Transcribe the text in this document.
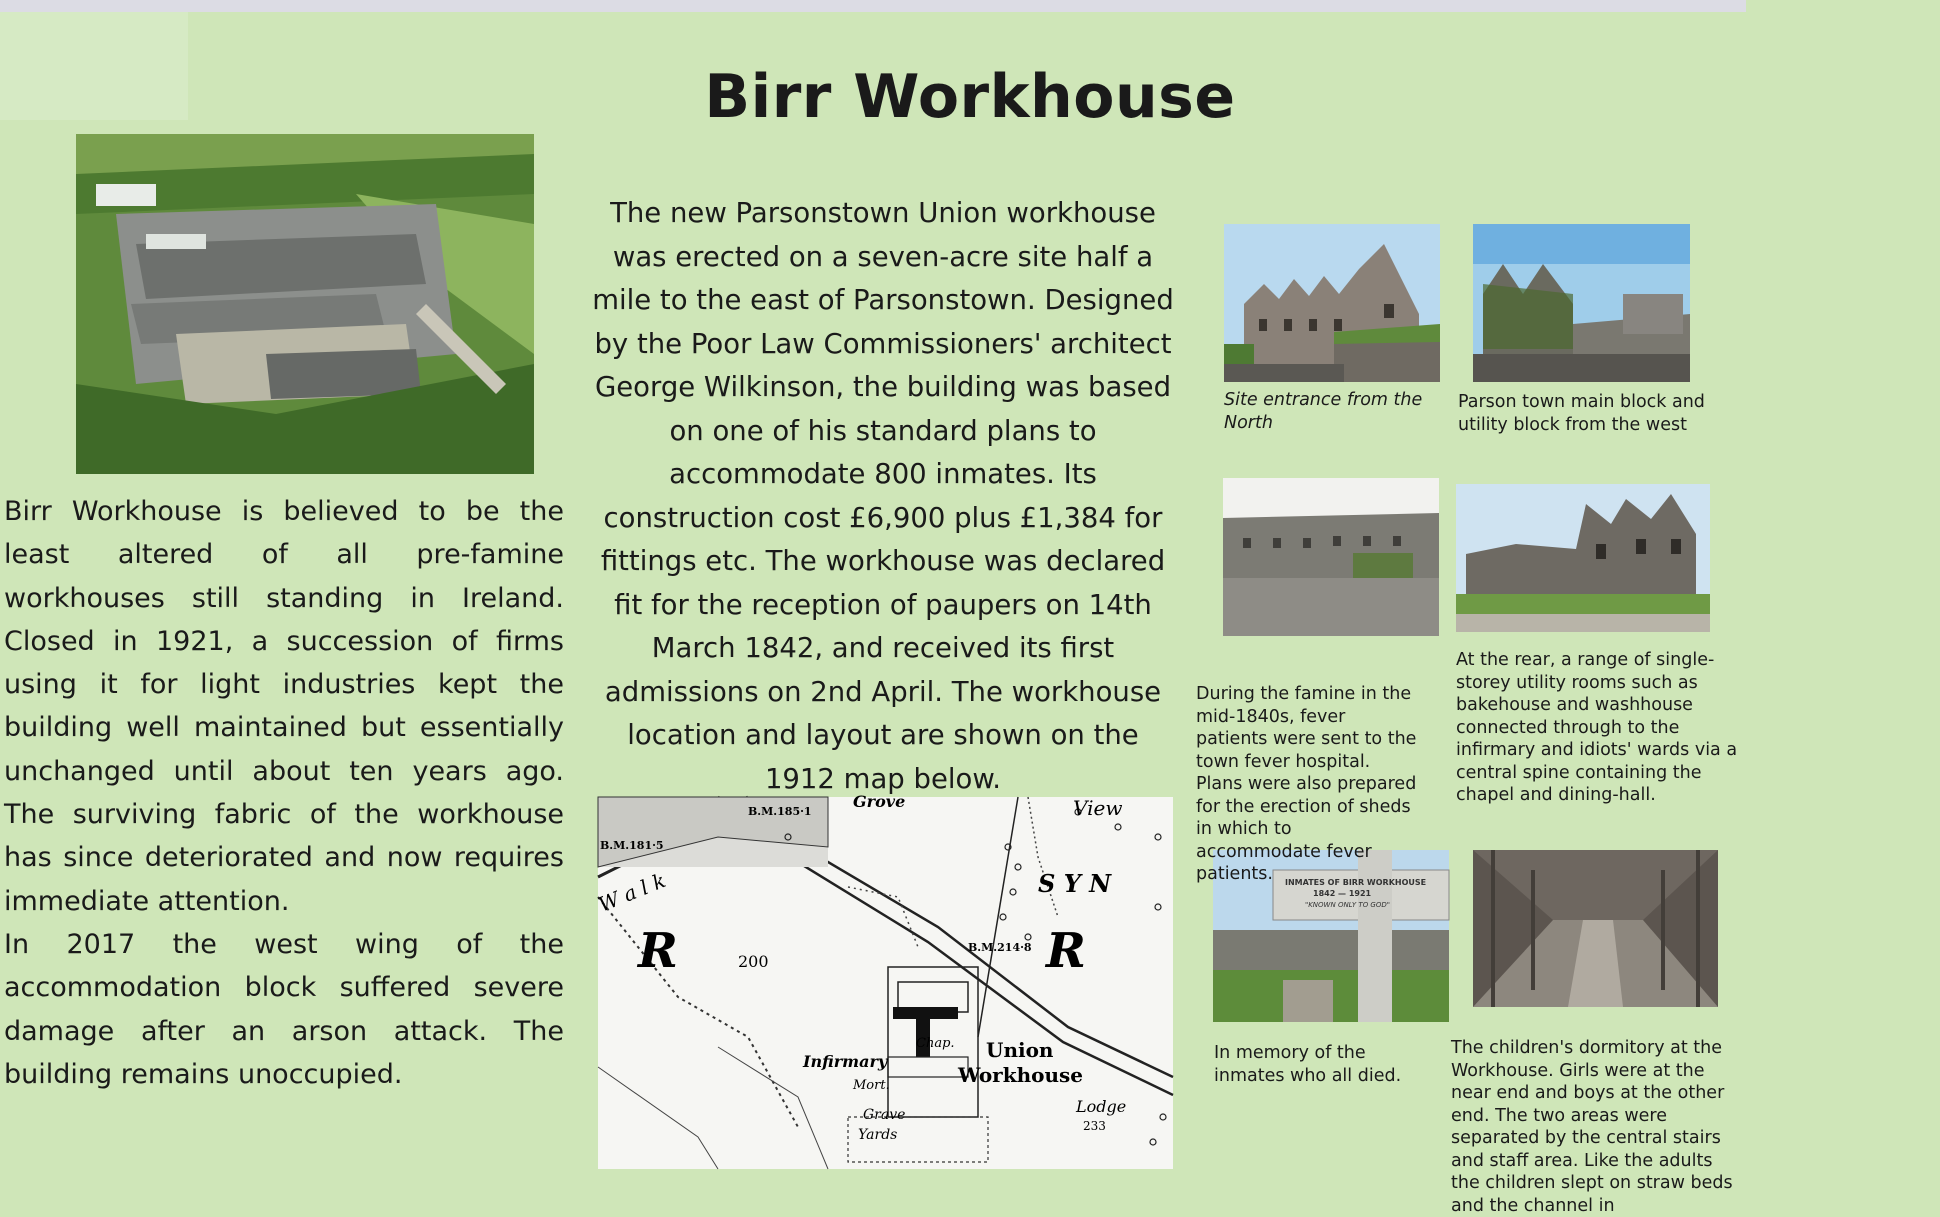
Birr Workhouse

Birr Workhouse is believed to be the least altered of all pre-famine workhouses still standing in Ireland. Closed in 1921, a succession of firms using it for light industries kept the building well maintained but essentially unchanged until about ten years ago. The surviving fabric of the workhouse has since deteriorated and now requires immediate attention.

In 2017 the west wing of the accommodation block suffered severe damage after an arson attack. The building remains unoccupied.

The new Parsonstown Union workhouse was erected on a seven-acre site half a mile to the east of Parsonstown. Designed by the Poor Law Commissioners' architect George Wilkinson, the building was based on one of his standard plans to accommodate 800 inmates. Its construction cost £6,900 plus £1,384 for fittings etc. The workhouse was declared fit for the reception of paupers on 14th March 1842, and received its first admissions on 2nd April. The workhouse location and layout are shown on the 1912 map below.

Grove	View
B.M.185·1
B.M.181·5
B.M.214·8
W a l k	S Y N
R	R
200
Infirmary
Mort.
Chap. Union
Workhouse
Grave
Yards
Lodge
233
INMATES OF BIRR WORKHOUSE
1842 — 1921
"KNOWN ONLY TO GOD"

Site entrance from the North

Parson town main block and utility block from the west

During the famine in the mid-1840s, fever patients were sent to the town fever hospital. Plans were also prepared for the erection of sheds in which to accommodate fever patients.

At the rear, a range of single-storey utility rooms such as bakehouse and washhouse connected through to the infirmary and idiots' wards via a central spine containing the chapel and dining-hall.

In memory of the inmates who all died.

The children's dormitory at the Workhouse. Girls were at the near end and boys at the other end. The two areas were separated by the central stairs and staff area. Like the adults the children slept on straw beds and the channel in
